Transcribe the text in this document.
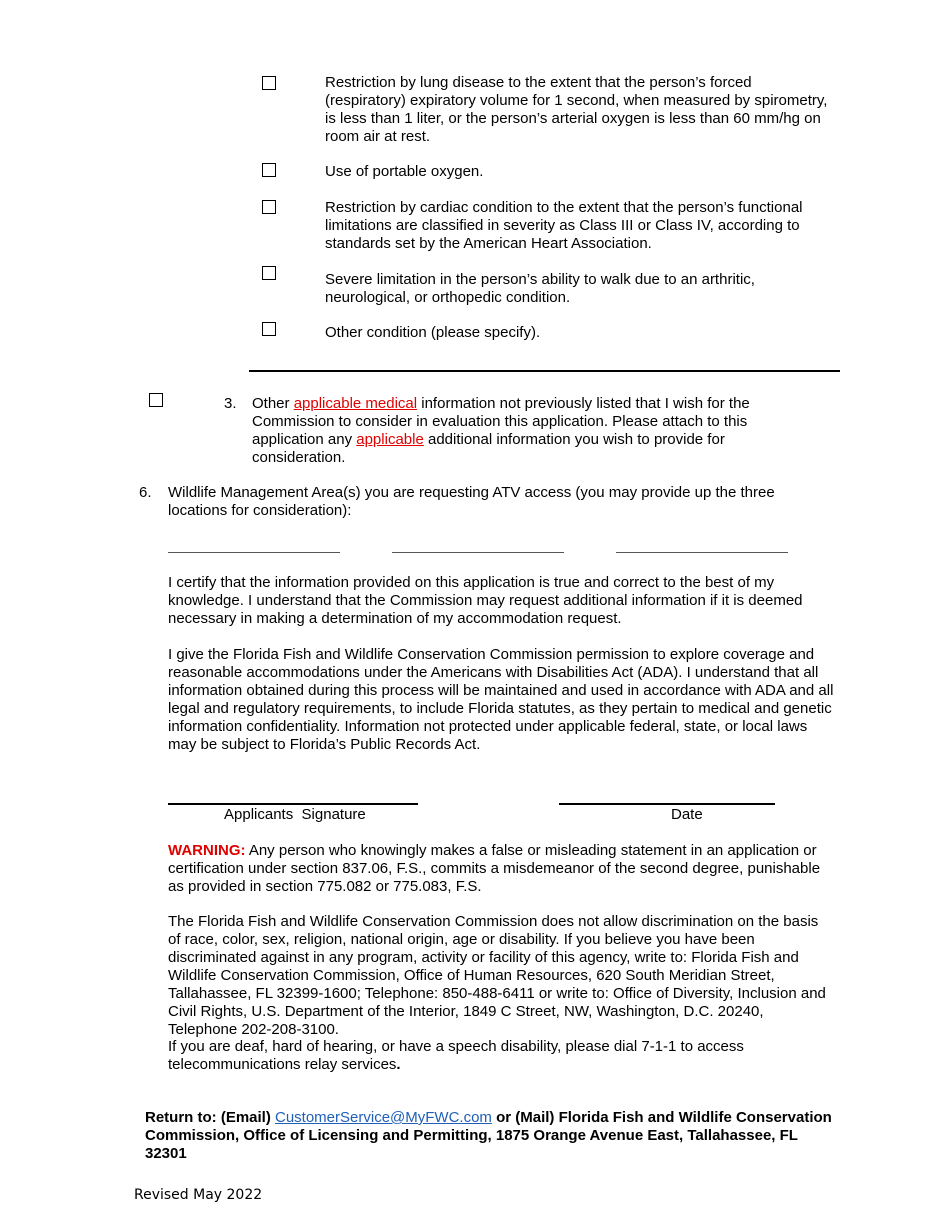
Restriction by lung disease to the extent that the person’s forced (respiratory) expiratory volume for 1 second, when measured by spirometry, is less than 1 liter, or the person’s arterial oxygen is less than 60 mm/hg on room air at rest.
Use of portable oxygen.
Restriction by cardiac condition to the extent that the person’s functional limitations are classified in severity as Class III or Class IV, according to standards set by the American Heart Association.
Severe limitation in the person’s ability to walk due to an arthritic, neurological, or orthopedic condition.
Other condition (please specify).
3. Other applicable medical information not previously listed that I wish for the Commission to consider in evaluation this application. Please attach to this application any applicable additional information you wish to provide for consideration.
6. Wildlife Management Area(s) you are requesting ATV access (you may provide up the three locations for consideration):
I certify that the information provided on this application is true and correct to the best of my knowledge. I understand that the Commission may request additional information if it is deemed necessary in making a determination of my accommodation request.
I give the Florida Fish and Wildlife Conservation Commission permission to explore coverage and reasonable accommodations under the Americans with Disabilities Act (ADA). I understand that all information obtained during this process will be maintained and used in accordance with ADA and all legal and regulatory requirements, to include Florida statutes, as they pertain to medical and genetic information confidentiality. Information not protected under applicable federal, state, or local laws may be subject to Florida’s Public Records Act.
Applicants  Signature	Date
WARNING: Any person who knowingly makes a false or misleading statement in an application or certification under section 837.06, F.S., commits a misdemeanor of the second degree, punishable as provided in section 775.082 or 775.083, F.S.
The Florida Fish and Wildlife Conservation Commission does not allow discrimination on the basis of race, color, sex, religion, national origin, age or disability. If you believe you have been discriminated against in any program, activity or facility of this agency, write to: Florida Fish and Wildlife Conservation Commission, Office of Human Resources, 620 South Meridian Street, Tallahassee, FL 32399-1600; Telephone: 850-488-6411 or write to: Office of Diversity, Inclusion and Civil Rights, U.S. Department of the Interior, 1849 C Street, NW, Washington, D.C. 20240, Telephone 202-208-3100.
If you are deaf, hard of hearing, or have a speech disability, please dial 7-1-1 to access telecommunications relay services.
Return to: (Email) CustomerService@MyFWC.com or (Mail) Florida Fish and Wildlife Conservation Commission, Office of Licensing and Permitting, 1875 Orange Avenue East, Tallahassee, FL 32301
Revised May 2022
